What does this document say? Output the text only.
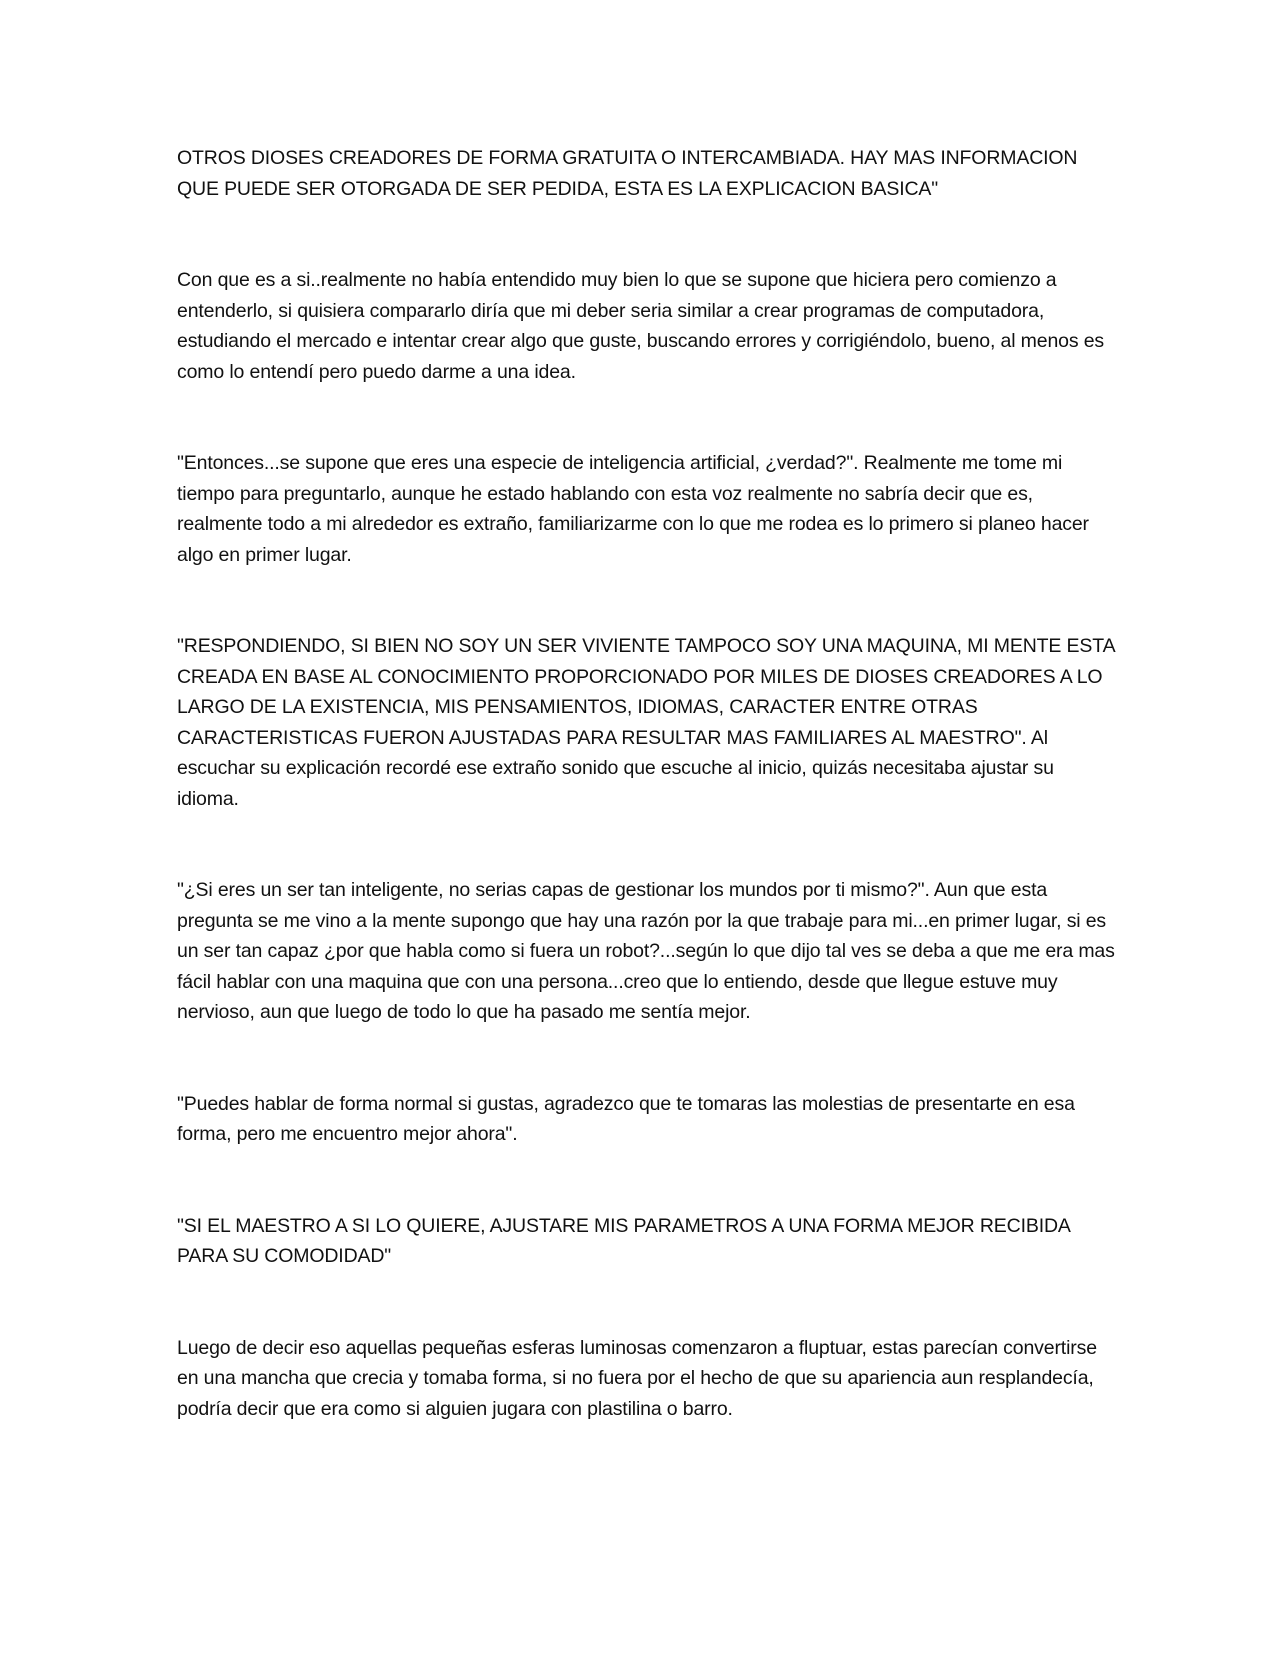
OTROS DIOSES CREADORES DE FORMA GRATUITA O INTERCAMBIADA. HAY MAS INFORMACION QUE PUEDE SER OTORGADA DE SER PEDIDA, ESTA ES LA EXPLICACION BASICA"

Con que es a si..realmente no había entendido muy bien lo que se supone que hiciera pero comienzo a entenderlo, si quisiera compararlo diría que mi deber seria similar a crear programas de computadora, estudiando el mercado e intentar crear algo que guste, buscando errores y corrigiéndolo, bueno, al menos es como lo entendí pero puedo darme a una idea.

"Entonces...se supone que eres una especie de inteligencia artificial, ¿verdad?". Realmente me tome mi tiempo para preguntarlo, aunque he estado hablando con esta voz realmente no sabría decir que es, realmente todo a mi alrededor es extraño, familiarizarme con lo que me rodea es lo primero si planeo hacer algo en primer lugar.

"RESPONDIENDO, SI BIEN NO SOY UN SER VIVIENTE TAMPOCO SOY UNA MAQUINA, MI MENTE ESTA CREADA EN BASE AL CONOCIMIENTO PROPORCIONADO POR MILES DE DIOSES CREADORES A LO LARGO DE LA EXISTENCIA, MIS PENSAMIENTOS, IDIOMAS, CARACTER ENTRE OTRAS CARACTERISTICAS FUERON AJUSTADAS PARA RESULTAR MAS FAMILIARES AL MAESTRO". Al escuchar su explicación recordé ese extraño sonido que escuche al inicio, quizás necesitaba ajustar su idioma.

"¿Si eres un ser tan inteligente, no serias capas de gestionar los mundos por ti mismo?". Aun que esta pregunta se me vino a la mente supongo que hay una razón por la que trabaje para mi...en primer lugar, si es un ser tan capaz ¿por que habla como si fuera un robot?...según lo que dijo tal ves se deba a que me era mas fácil hablar con una maquina que con una persona...creo que lo entiendo, desde que llegue estuve muy nervioso, aun que luego de todo lo que ha pasado me sentía mejor.

"Puedes hablar de forma normal si gustas, agradezco que te tomaras las molestias de presentarte en esa forma, pero me encuentro mejor ahora".

"SI EL MAESTRO A SI LO QUIERE, AJUSTARE MIS PARAMETROS A UNA FORMA MEJOR RECIBIDA PARA SU COMODIDAD"

Luego de decir eso aquellas pequeñas esferas luminosas comenzaron a fluptuar, estas parecían convertirse en una mancha que crecia y tomaba forma, si no fuera por el hecho de que su apariencia aun resplandecía, podría decir que era como si alguien jugara con plastilina o barro.
